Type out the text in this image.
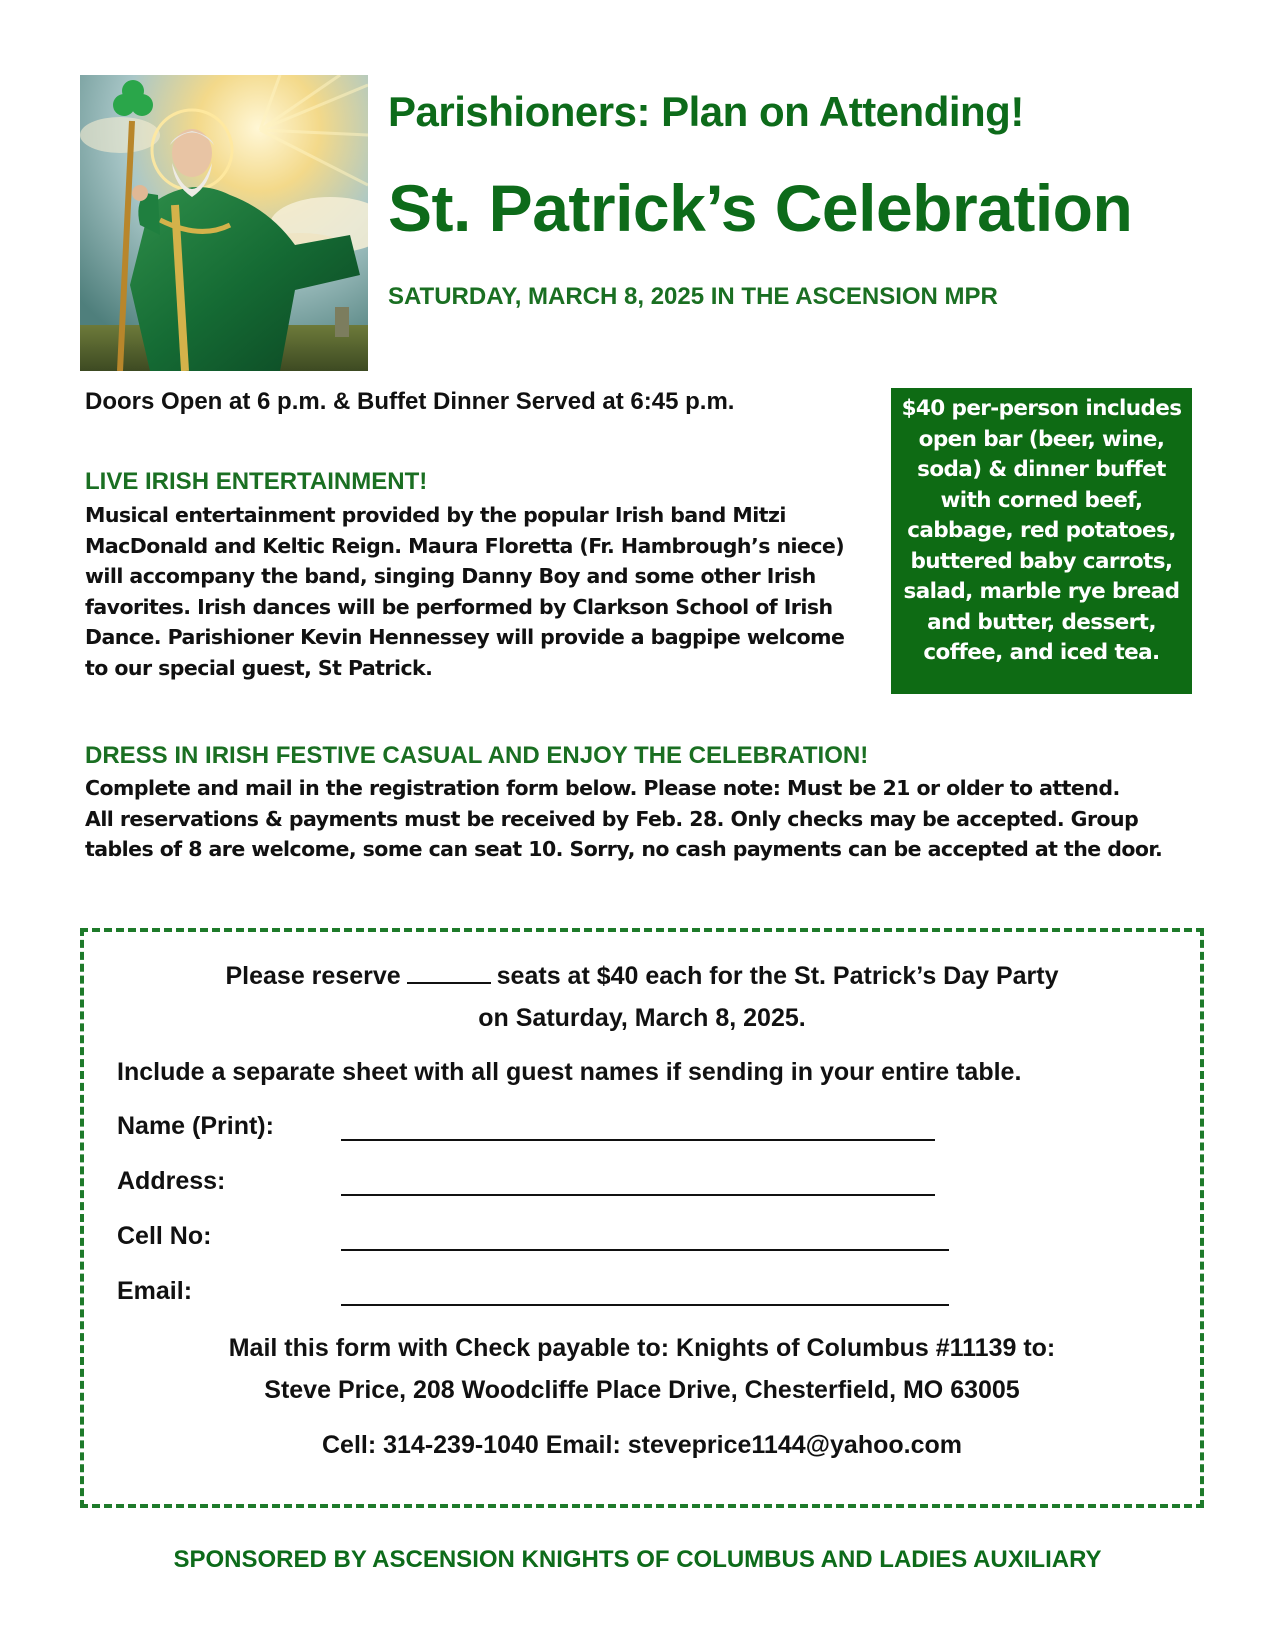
Parishioners: Plan on Attending!
St. Patrick’s Celebration
SATURDAY, MARCH 8, 2025 IN THE ASCENSION MPR
Doors Open at 6 p.m. & Buffet Dinner Served at 6:45 p.m.	$40 per-person includes
open bar (beer, wine,
soda) & dinner buffet
with corned beef,
cabbage, red potatoes,
buttered baby carrots,
salad, marble rye bread
and butter, dessert,
coffee, and iced tea.
LIVE IRISH ENTERTAINMENT!
Musical entertainment provided by the popular Irish band Mitzi
MacDonald and Keltic Reign. Maura Floretta (Fr. Hambrough’s niece)
will accompany the band, singing Danny Boy and some other Irish
favorites. Irish dances will be performed by Clarkson School of Irish
Dance. Parishioner Kevin Hennessey will provide a bagpipe welcome
to our special guest, St Patrick.
DRESS IN IRISH FESTIVE CASUAL AND ENJOY THE CELEBRATION!
Complete and mail in the registration form below. Please note: Must be 21 or older to attend.
All reservations & payments must be received by Feb. 28. Only checks may be accepted. Group
tables of 8 are welcome, some can seat 10. Sorry, no cash payments can be accepted at the door.
Please reserve	seats at $40 each for the St. Patrick’s Day Party
on Saturday, March 8, 2025.
Include a separate sheet with all guest names if sending in your entire table.
Name (Print):
Address:
Cell No:
Email:
Mail this form with Check payable to: Knights of Columbus #11139 to:
Steve Price, 208 Woodcliffe Place Drive, Chesterfield, MO 63005
Cell: 314-239-1040 Email: steveprice1144@yahoo.com
SPONSORED BY ASCENSION KNIGHTS OF COLUMBUS AND LADIES AUXILIARY
